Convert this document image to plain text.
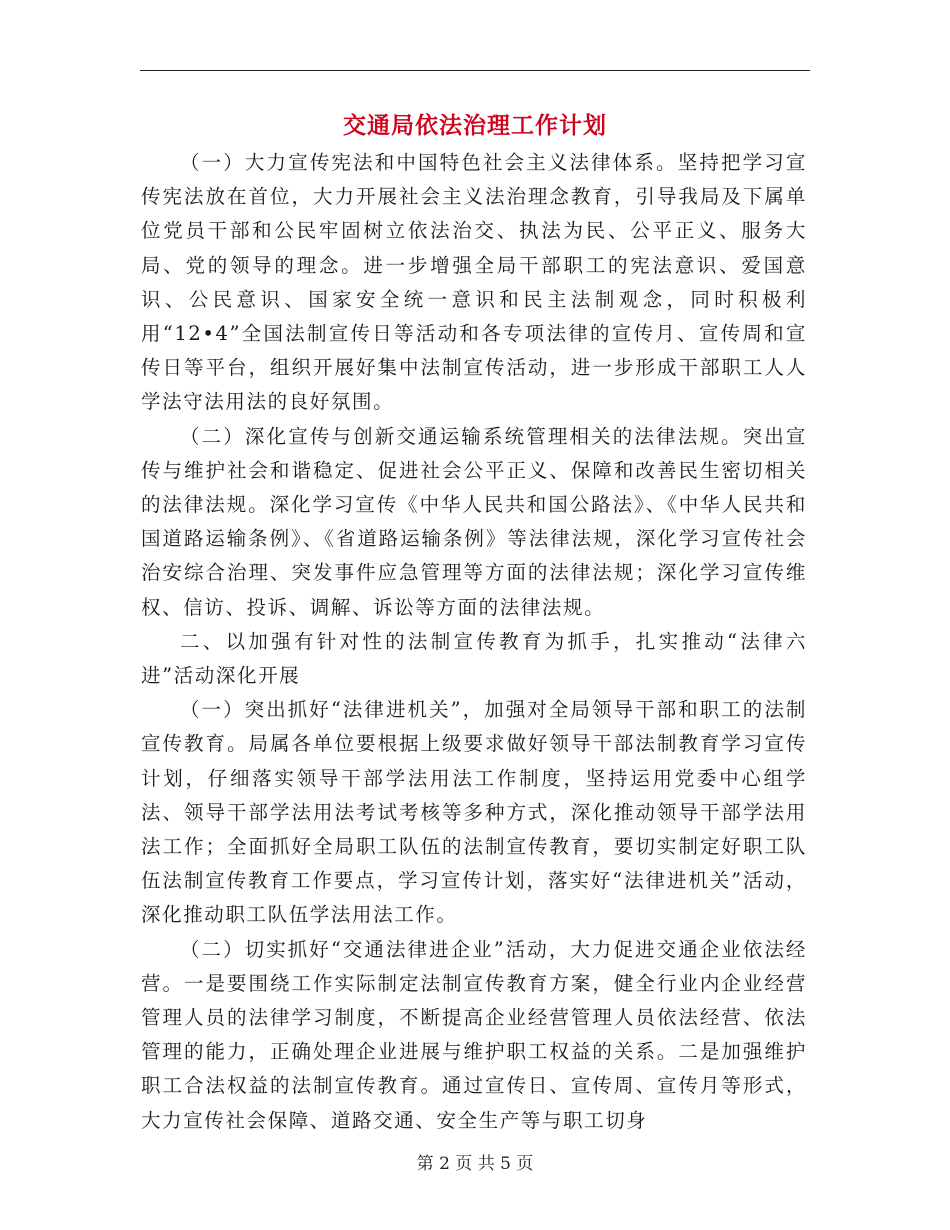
交通局依法治理工作计划

（一）大力宣传宪法和中国特色社会主义法律体系。坚持把学习宣传宪法放在首位，大力开展社会主义法治理念教育，引导我局及下属单位党员干部和公民牢固树立依法治交、执法为民、公平正义、服务大局、党的领导的理念。进一步增强全局干部职工的宪法意识、爱国意识、公民意识、国家安全统一意识和民主法制观念，同时积极利用“12•4”全国法制宣传日等活动和各专项法律的宣传月、宣传周和宣传日等平台，组织开展好集中法制宣传活动，进一步形成干部职工人人学法守法用法的良好氛围。

（二）深化宣传与创新交通运输系统管理相关的法律法规。突出宣传与维护社会和谐稳定、促进社会公平正义、保障和改善民生密切相关的法律法规。深化学习宣传《中华人民共和国公路法》、《中华人民共和国道路运输条例》、《省道路运输条例》等法律法规，深化学习宣传社会治安综合治理、突发事件应急管理等方面的法律法规；深化学习宣传维权、信访、投诉、调解、诉讼等方面的法律法规。

二、以加强有针对性的法制宣传教育为抓手，扎实推动“法律六进”活动深化开展

（一）突出抓好“法律进机关”，加强对全局领导干部和职工的法制宣传教育。局属各单位要根据上级要求做好领导干部法制教育学习宣传计划，仔细落实领导干部学法用法工作制度，坚持运用党委中心组学法、领导干部学法用法考试考核等多种方式，深化推动领导干部学法用法工作；全面抓好全局职工队伍的法制宣传教育，要切实制定好职工队伍法制宣传教育工作要点，学习宣传计划，落实好“法律进机关”活动，深化推动职工队伍学法用法工作。

（二）切实抓好“交通法律进企业”活动，大力促进交通企业依法经营。一是要围绕工作实际制定法制宣传教育方案，健全行业内企业经营管理人员的法律学习制度，不断提高企业经营管理人员依法经营、依法管理的能力，正确处理企业进展与维护职工权益的关系。二是加强维护职工合法权益的法制宣传教育。通过宣传日、宣传周、宣传月等形式，大力宣传社会保障、道路交通、安全生产等与职工切身

第 2 页 共 5 页
